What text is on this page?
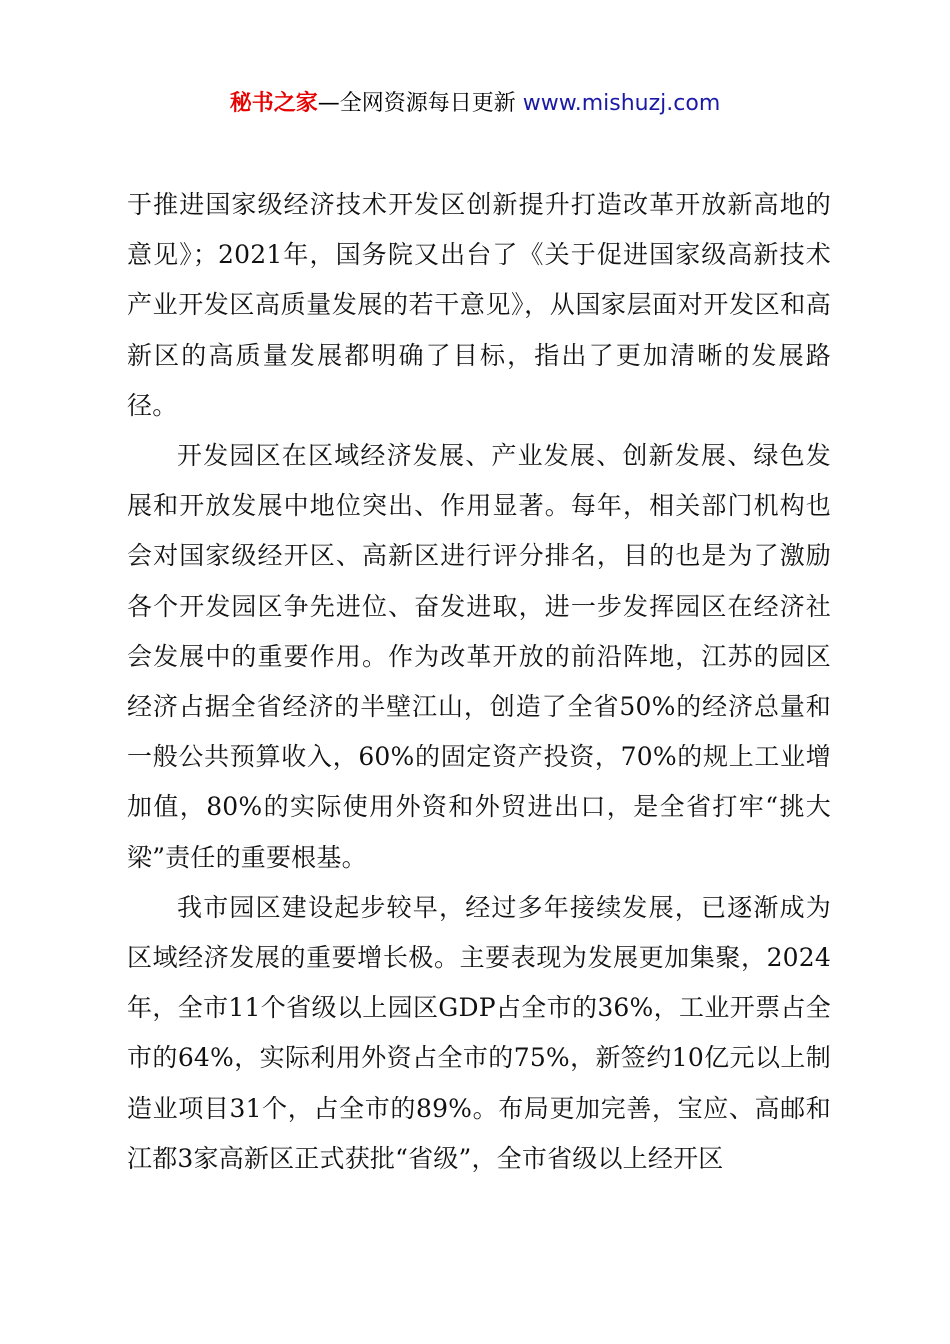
秘书之家—全网资源每日更新 www.mishuzj.com

于推进国家级经济技术开发区创新提升打造改革开放新高地的意见》；2021年，国务院又出台了《关于促进国家级高新技术产业开发区高质量发展的若干意见》，从国家层面对开发区和高新区的高质量发展都明确了目标，指出了更加清晰的发展路径。

开发园区在区域经济发展、产业发展、创新发展、绿色发展和开放发展中地位突出、作用显著。每年，相关部门机构也会对国家级经开区、高新区进行评分排名，目的也是为了激励各个开发园区争先进位、奋发进取，进一步发挥园区在经济社会发展中的重要作用。作为改革开放的前沿阵地，江苏的园区经济占据全省经济的半壁江山，创造了全省50%的经济总量和一般公共预算收入，60%的固定资产投资，70%的规上工业增加值，80%的实际使用外资和外贸进出口，是全省打牢“挑大梁”责任的重要根基。

我市园区建设起步较早，经过多年接续发展，已逐渐成为区域经济发展的重要增长极。主要表现为发展更加集聚，2024年，全市11个省级以上园区GDP占全市的36%，工业开票占全市的64%，实际利用外资占全市的75%，新签约10亿元以上制造业项目31个，占全市的89%。布局更加完善，宝应、高邮和江都3家高新区正式获批“省级”，全市省级以上经开区
